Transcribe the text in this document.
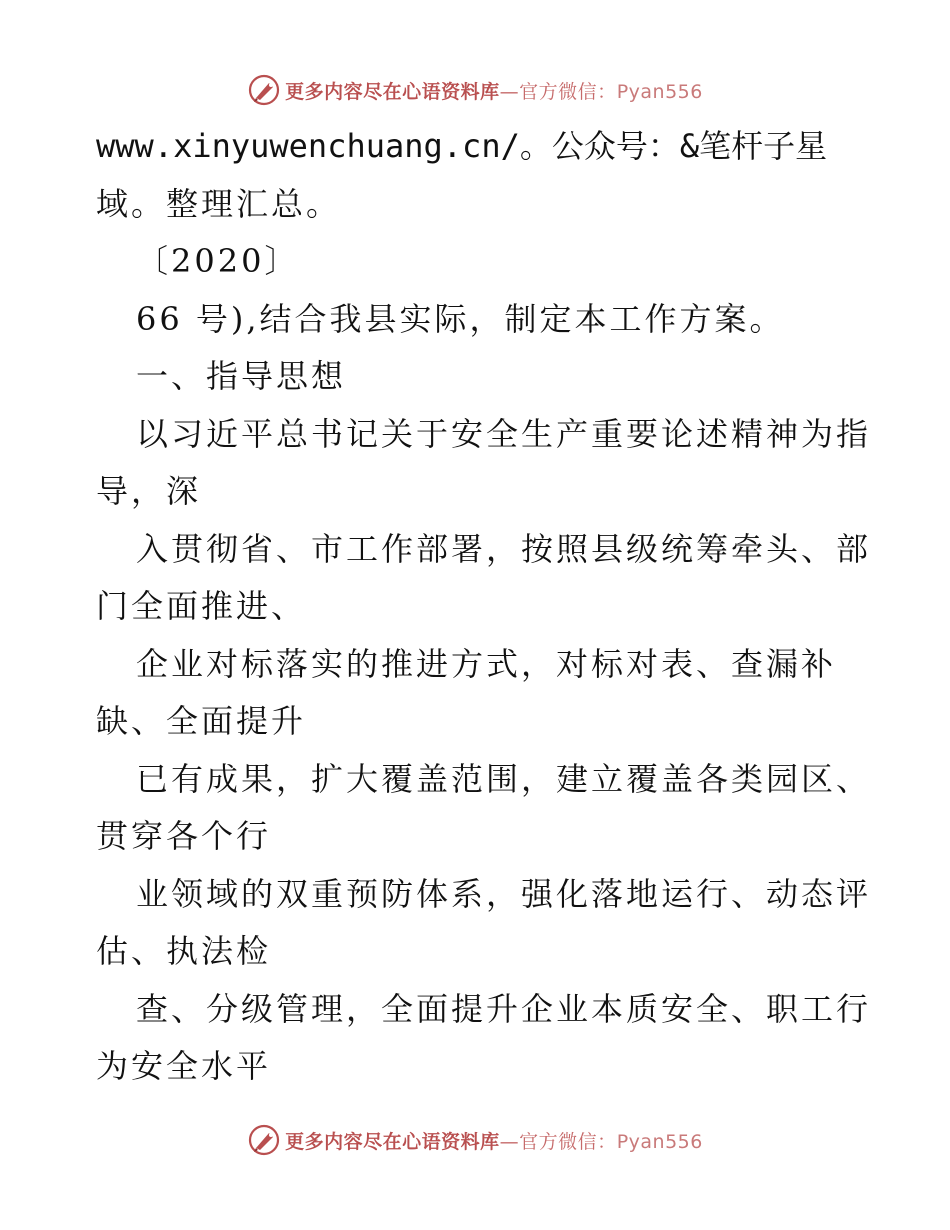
更多内容尽在心语资料库—官方微信：Pyan556
www.xinyuwenchuang.cn/。公众号：&笔杆子星
域。整理汇总。
〔2020〕
66 号),结合我县实际，制定本工作方案。
一、指导思想
以习近平总书记关于安全生产重要论述精神为指
导，深
入贯彻省、市工作部署，按照县级统筹牵头、部
门全面推进、
企业对标落实的推进方式，对标对表、查漏补
缺、全面提升
已有成果，扩大覆盖范围，建立覆盖各类园区、
贯穿各个行
业领域的双重预防体系，强化落地运行、动态评
估、执法检
查、分级管理，全面提升企业本质安全、职工行
为安全水平
更多内容尽在心语资料库—官方微信：Pyan556
